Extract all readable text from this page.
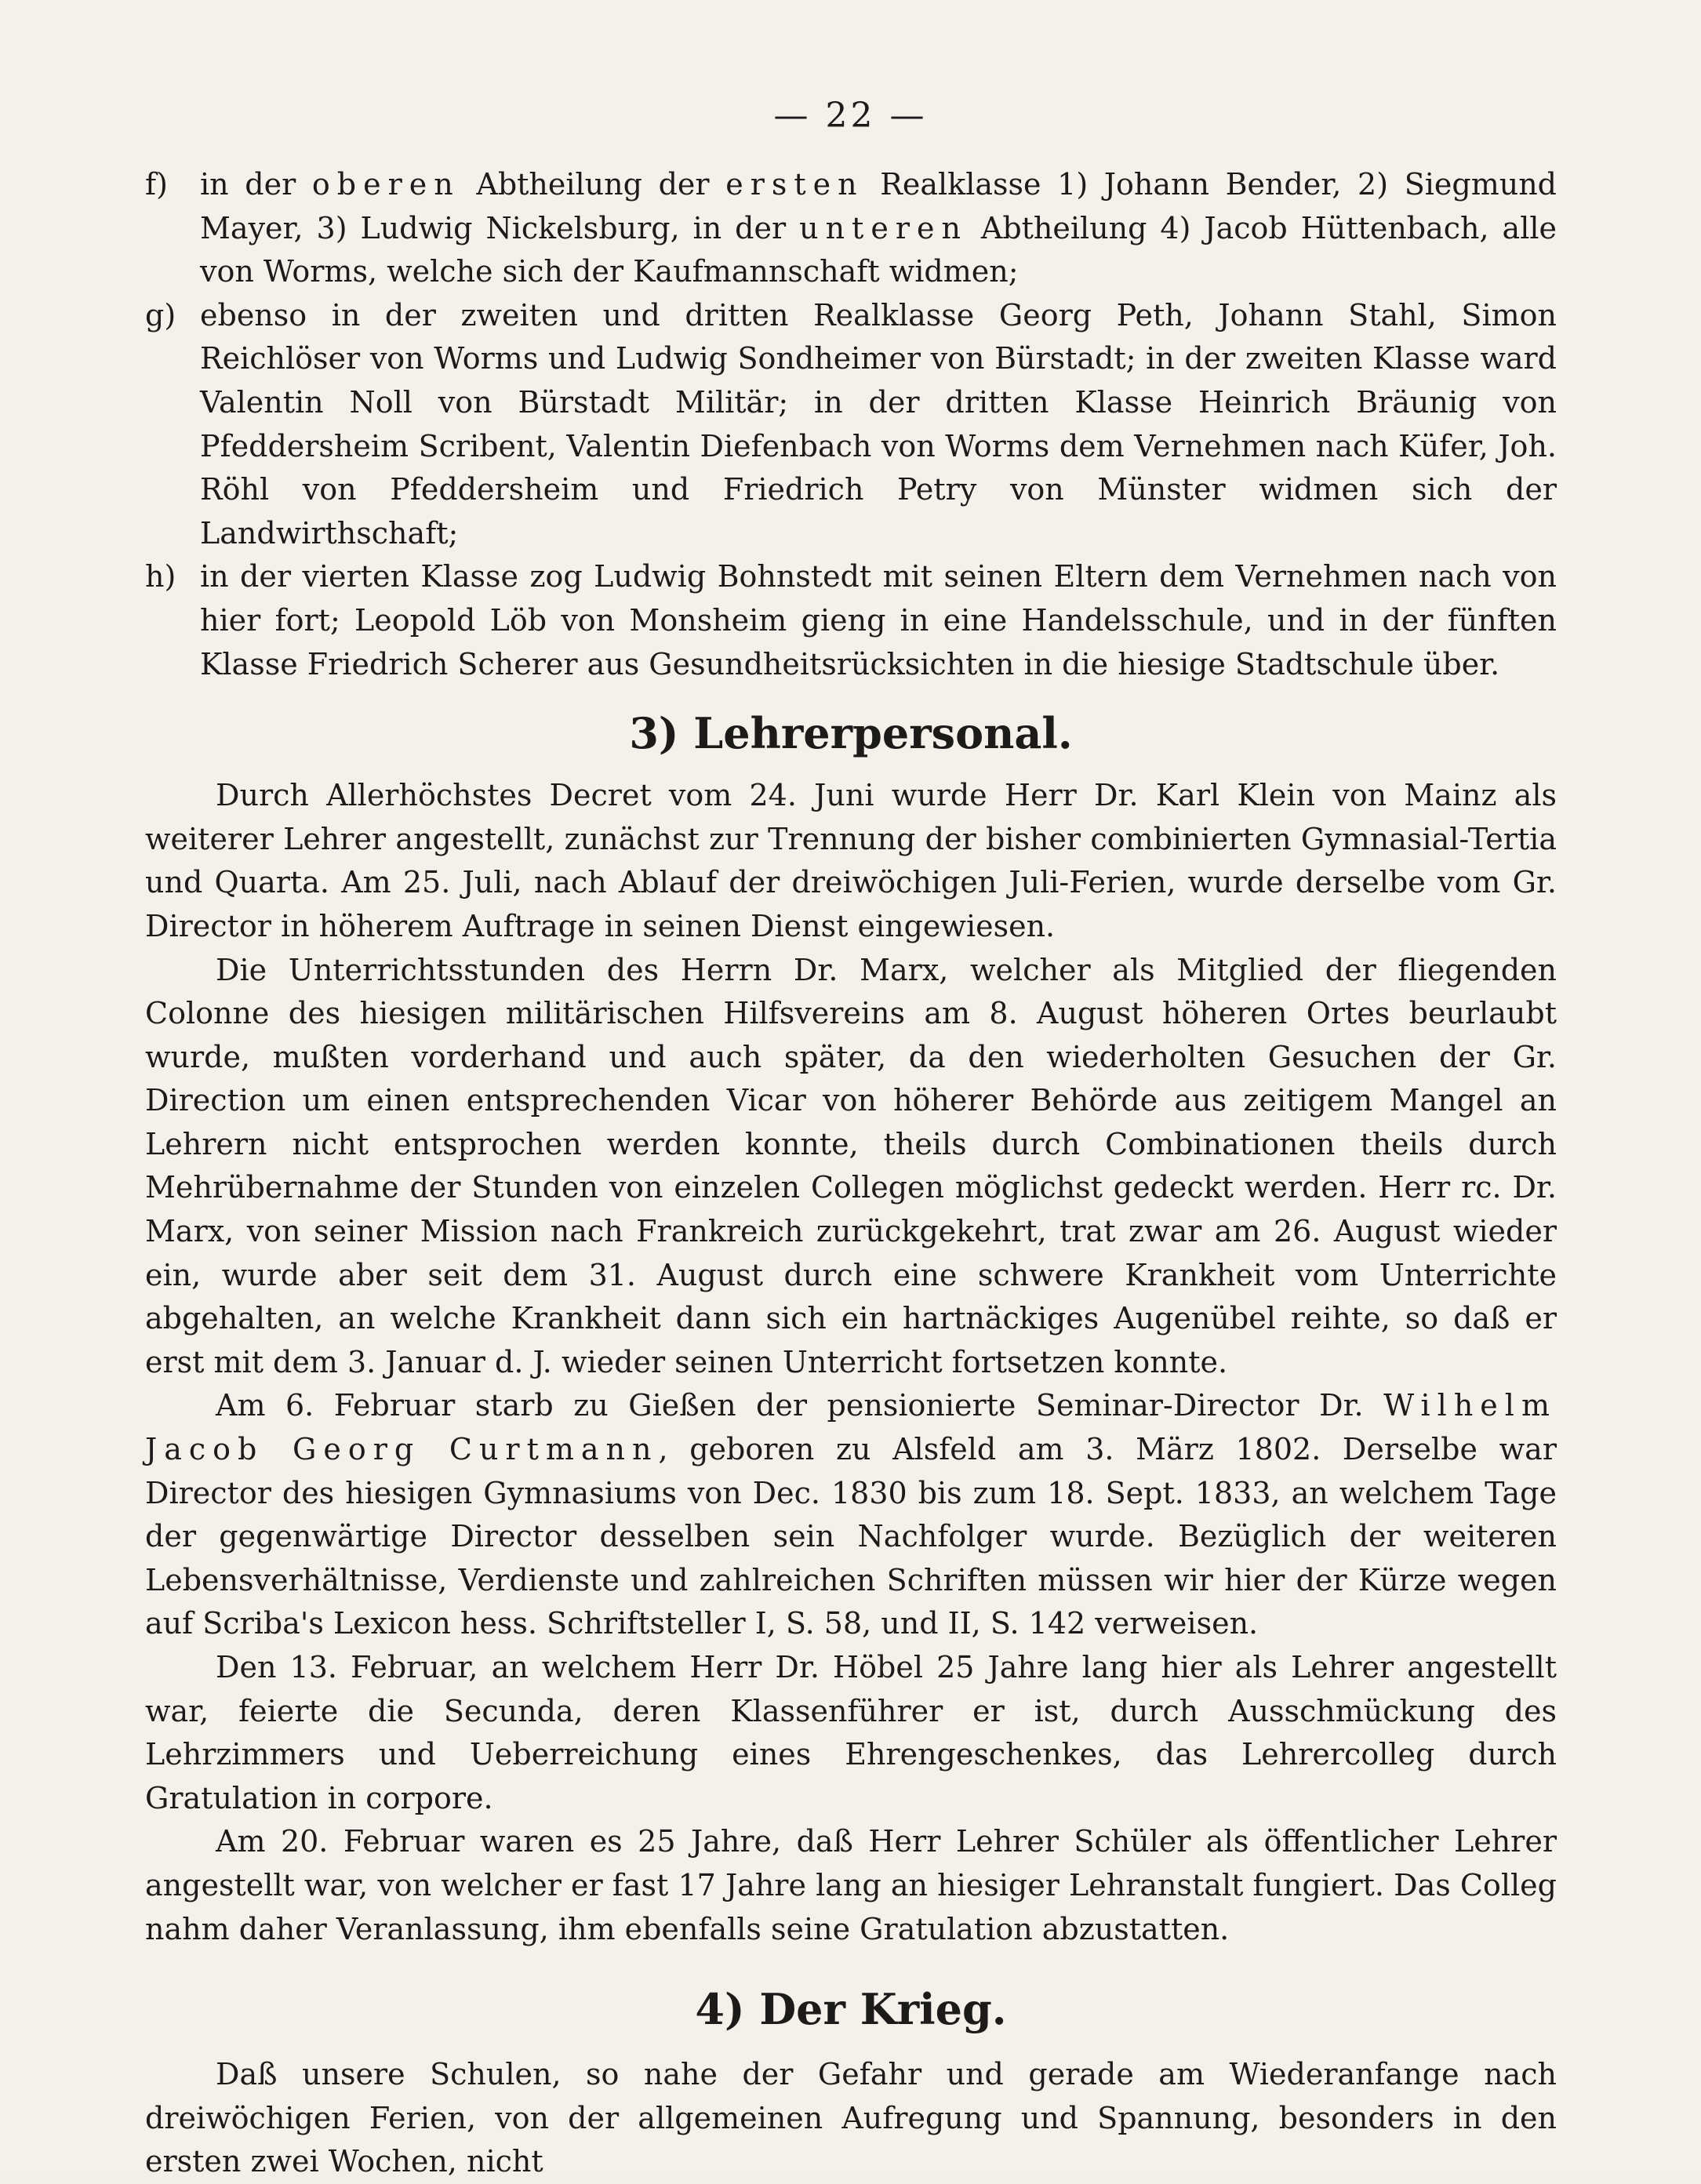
— 22 —
f)	in der oberen Abtheilung der ersten Realklasse 1) Johann Bender, 2) Siegmund Mayer, 3) Ludwig Nickelsburg, in der unteren Abtheilung 4) Jacob Hüttenbach, alle von Worms, welche sich der Kaufmannschaft widmen;
g) ebenso in der zweiten und dritten Realklasse Georg Peth, Johann Stahl, Simon Reichlöser von Worms und Ludwig Sondheimer von Bürstadt; in der zweiten Klasse ward Valentin Noll von Bürstadt Militär; in der dritten Klasse Heinrich Bräunig von Pfeddersheim Scribent, Valentin Diefenbach von Worms dem Vernehmen nach Küfer, Joh. Röhl von Pfeddersheim und Friedrich Petry von Münster widmen sich der Landwirthschaft;
h) in der vierten Klasse zog Ludwig Bohnstedt mit seinen Eltern dem Vernehmen nach von hier fort; Leopold Löb von Monsheim gieng in eine Handelsschule, und in der fünften Klasse Friedrich Scherer aus Gesundheitsrücksichten in die hiesige Stadtschule über.
3) Lehrerpersonal.

Durch Allerhöchstes Decret vom 24. Juni wurde Herr Dr. Karl Klein von Mainz als weiterer Lehrer angestellt, zunächst zur Trennung der bisher combinierten Gymnasial-Tertia und Quarta. Am 25. Juli, nach Ablauf der dreiwöchigen Juli-Ferien, wurde derselbe vom Gr. Director in höherem Auftrage in seinen Dienst eingewiesen.

Die Unterrichtsstunden des Herrn Dr. Marx, welcher als Mitglied der fliegenden Colonne des hiesigen militärischen Hilfsvereins am 8. August höheren Ortes beurlaubt wurde, mußten vorderhand und auch später, da den wiederholten Gesuchen der Gr. Direction um einen entsprechenden Vicar von höherer Behörde aus zeitigem Mangel an Lehrern nicht entsprochen werden konnte, theils durch Combinationen theils durch Mehrübernahme der Stunden von einzelen Collegen möglichst gedeckt werden. Herr rc. Dr. Marx, von seiner Mission nach Frankreich zurückgekehrt, trat zwar am 26. August wieder ein, wurde aber seit dem 31. August durch eine schwere Krankheit vom Unterrichte abgehalten, an welche Krankheit dann sich ein hartnäckiges Augenübel reihte, so daß er erst mit dem 3. Januar d. J. wieder seinen Unterricht fortsetzen konnte.

Am 6. Februar starb zu Gießen der pensionierte Seminar-Director Dr. Wilhelm Jacob Georg Curtmann, geboren zu Alsfeld am 3. März 1802. Derselbe war Director des hiesigen Gymnasiums von Dec. 1830 bis zum 18. Sept. 1833, an welchem Tage der gegenwärtige Director desselben sein Nachfolger wurde. Bezüglich der weiteren Lebensverhältnisse, Verdienste und zahlreichen Schriften müssen wir hier der Kürze wegen auf Scriba's Lexicon hess. Schriftsteller I, S. 58, und II, S. 142 verweisen.

Den 13. Februar, an welchem Herr Dr. Höbel 25 Jahre lang hier als Lehrer angestellt war, feierte die Secunda, deren Klassenführer er ist, durch Ausschmückung des Lehrzimmers und Ueberreichung eines Ehrengeschenkes, das Lehrercolleg durch Gratulation in corpore.

Am 20. Februar waren es 25 Jahre, daß Herr Lehrer Schüler als öffentlicher Lehrer angestellt war, von welcher er fast 17 Jahre lang an hiesiger Lehranstalt fungiert. Das Colleg nahm daher Veranlassung, ihm ebenfalls seine Gratulation abzustatten.

4) Der Krieg.

Daß unsere Schulen, so nahe der Gefahr und gerade am Wiederanfange nach dreiwöchigen Ferien, von der allgemeinen Aufregung und Spannung, besonders in den ersten zwei Wochen, nicht
